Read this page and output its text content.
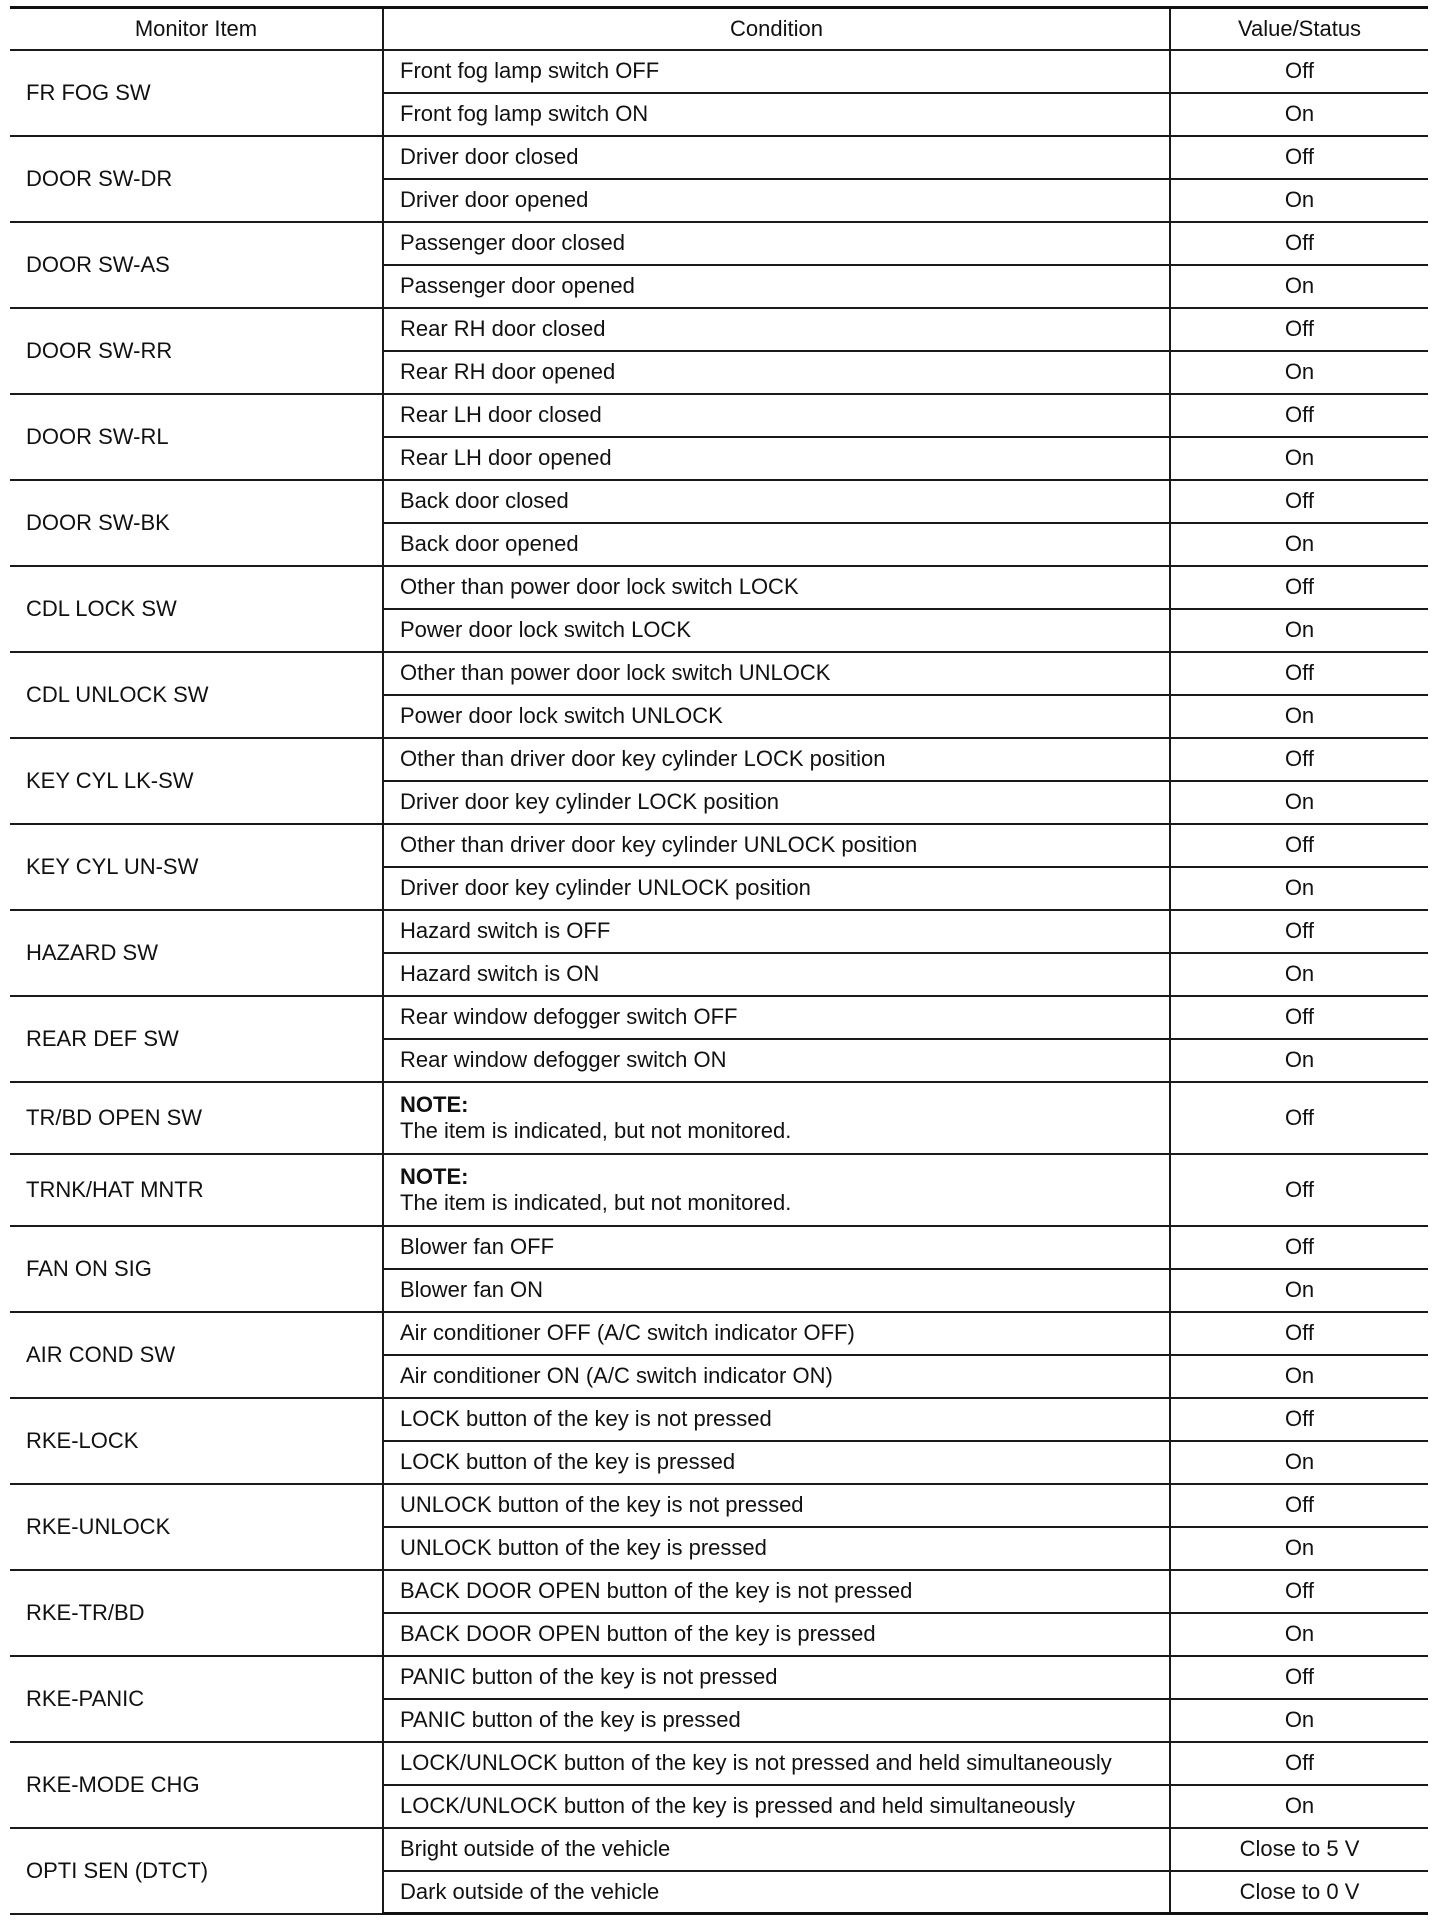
Monitor Item	Condition	Value/Status
FR FOG SW	Front fog lamp switch OFF	Off
	Front fog lamp switch ON	On
DOOR SW-DR	Driver door closed	Off
	Driver door opened	On
DOOR SW-AS	Passenger door closed	Off
	Passenger door opened	On
DOOR SW-RR	Rear RH door closed	Off
	Rear RH door opened	On
DOOR SW-RL	Rear LH door closed	Off
	Rear LH door opened	On
DOOR SW-BK	Back door closed	Off
	Back door opened	On
CDL LOCK SW	Other than power door lock switch LOCK	Off
	Power door lock switch LOCK	On
CDL UNLOCK SW	Other than power door lock switch UNLOCK	Off
	Power door lock switch UNLOCK	On
KEY CYL LK-SW	Other than driver door key cylinder LOCK position	Off
	Driver door key cylinder LOCK position	On
KEY CYL UN-SW	Other than driver door key cylinder UNLOCK position	Off
	Driver door key cylinder UNLOCK position	On
HAZARD SW	Hazard switch is OFF	Off
	Hazard switch is ON	On
REAR DEF SW	Rear window defogger switch OFF	Off
	Rear window defogger switch ON	On
TR/BD OPEN SW	NOTE:
The item is indicated, but not monitored.	Off
TRNK/HAT MNTR	NOTE:
The item is indicated, but not monitored.	Off
FAN ON SIG	Blower fan OFF	Off
	Blower fan ON	On
AIR COND SW	Air conditioner OFF (A/C switch indicator OFF)	Off
	Air conditioner ON (A/C switch indicator ON)	On
RKE-LOCK	LOCK button of the key is not pressed	Off
	LOCK button of the key is pressed	On
RKE-UNLOCK	UNLOCK button of the key is not pressed	Off
	UNLOCK button of the key is pressed	On
RKE-TR/BD	BACK DOOR OPEN button of the key is not pressed	Off
	BACK DOOR OPEN button of the key is pressed	On
RKE-PANIC	PANIC button of the key is not pressed	Off
	PANIC button of the key is pressed	On
RKE-MODE CHG	LOCK/UNLOCK button of the key is not pressed and held simultaneously	Off
	LOCK/UNLOCK button of the key is pressed and held simultaneously	On
OPTI SEN (DTCT)	Bright outside of the vehicle	Close to 5 V
	Dark outside of the vehicle	Close to 0 V
